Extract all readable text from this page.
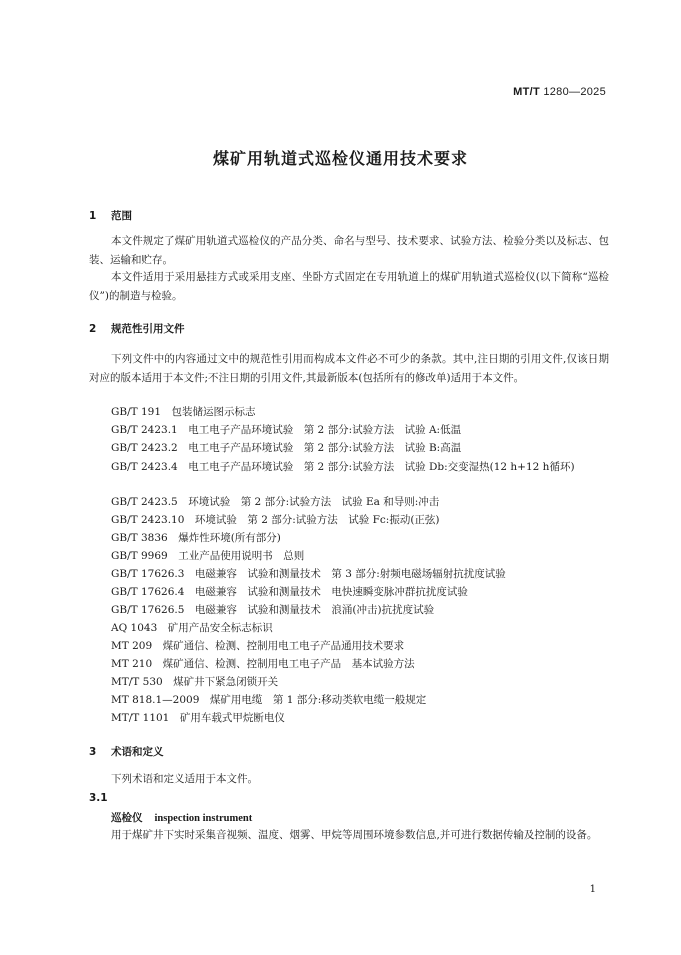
MT/T 1280—2025
煤矿用轨道式巡检仪通用技术要求
1 范围

本文件规定了煤矿用轨道式巡检仪的产品分类、命名与型号、技术要求、试验方法、检验分类以及标志、包装、运输和贮存。

本文件适用于采用悬挂方式或采用支座、坐卧方式固定在专用轨道上的煤矿用轨道式巡检仪(以下简称“巡检仪”)的制造与检验。

2 规范性引用文件

下列文件中的内容通过文中的规范性引用而构成本文件必不可少的条款。其中,注日期的引用文件,仅该日期对应的版本适用于本文件;不注日期的引用文件,其最新版本(包括所有的修改单)适用于本文件。

GB/T 191　包装储运图示标志
GB/T 2423.1　电工电子产品环境试验　第 2 部分:试验方法　试验 A:低温
GB/T 2423.2　电工电子产品环境试验　第 2 部分:试验方法　试验 B:高温

GB/T 2423.4　电工电子产品环境试验　第 2 部分:试验方法　试验 Db:交变湿热(12 h+12 h循环)

GB/T 2423.5　环境试验　第 2 部分:试验方法　试验 Ea 和导则:冲击
GB/T 2423.10　环境试验　第 2 部分:试验方法　试验 Fc:振动(正弦)
GB/T 3836　爆炸性环境(所有部分)
GB/T 9969　工业产品使用说明书　总则
GB/T 17626.3　电磁兼容　试验和测量技术　第 3 部分:射频电磁场辐射抗扰度试验
GB/T 17626.4　电磁兼容　试验和测量技术　电快速瞬变脉冲群抗扰度试验
GB/T 17626.5　电磁兼容　试验和测量技术　浪涌(冲击)抗扰度试验
AQ 1043　矿用产品安全标志标识
MT 209　煤矿通信、检测、控制用电工电子产品通用技术要求
MT 210　煤矿通信、检测、控制用电工电子产品　基本试验方法
MT/T 530　煤矿井下紧急闭锁开关
MT 818.1—2009　煤矿用电缆　第 1 部分:移动类软电缆一般规定
MT/T 1101　矿用车载式甲烷断电仪
3 术语和定义

下列术语和定义适用于本文件。

3.1
巡检仪 inspection instrument

用于煤矿井下实时采集音视频、温度、烟雾、甲烷等周围环境参数信息,并可进行数据传输及控制的设备。

1
